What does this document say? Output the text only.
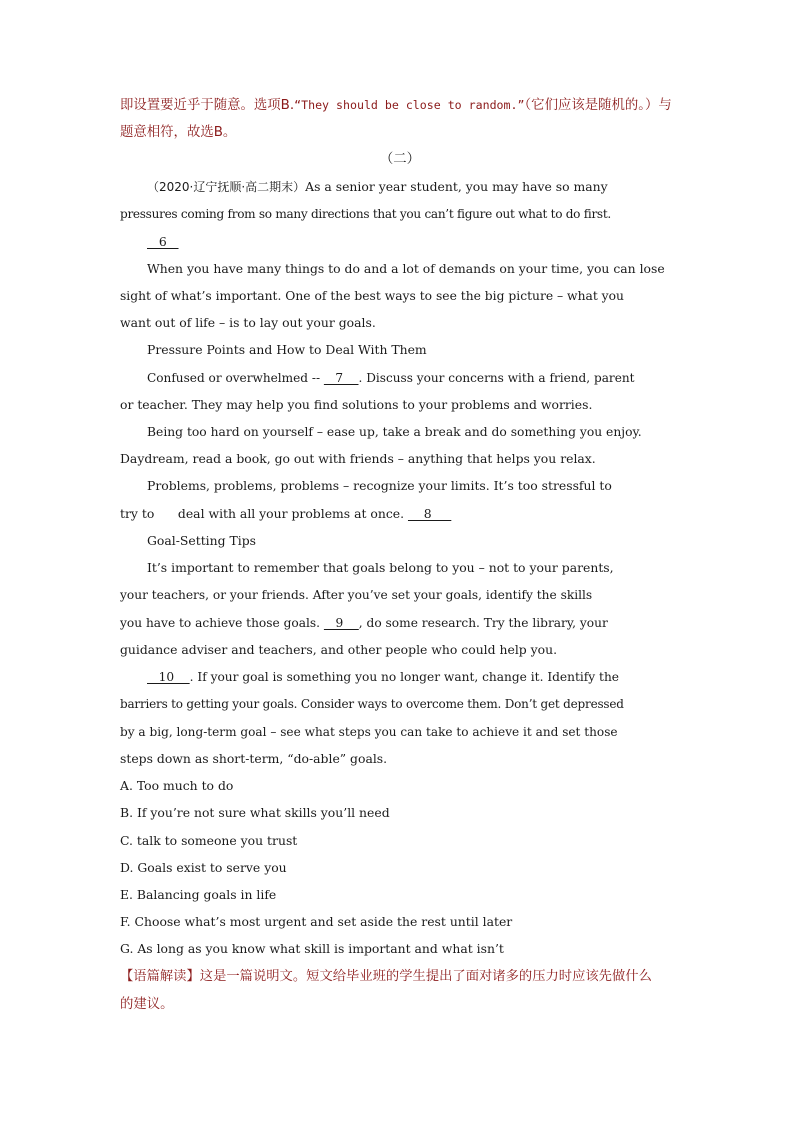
即设置要近乎于随意。选项B.“They should be close to random.”（它们应该是随机的。）与
题意相符，故选B。
（二）
（2020·辽宁抚顺·高二期末）As a senior year student, you may have so many
pressures coming from so many directions that you can’t figure out what to do first.
6
When you have many things to do and a lot of demands on your time, you can lose
sight of what’s important. One of the best ways to see the big picture – what you
want out of life – is to lay out your goals.
Pressure Points and How to Deal With Them
Confused or overwhelmed --    7    . Discuss your concerns with a friend, parent
or teacher. They may help you find solutions to your problems and worries.
Being too hard on yourself – ease up, take a break and do something you enjoy.
Daydream, read a book, go out with friends – anything that helps you relax.
Problems, problems, problems – recognize your limits. It’s too stressful to
try to      deal with all your problems at once.     8
Goal-Setting Tips
It’s important to remember that goals belong to you – not to your parents,
your teachers, or your friends. After you’ve set your goals, identify the skills
you have to achieve those goals.    9    , do some research. Try the library, your
guidance adviser and teachers, and other people who could help you.
10    . If your goal is something you no longer want, change it. Identify the
barriers to getting your goals. Consider ways to overcome them. Don’t get depressed
by a big, long-term goal – see what steps you can take to achieve it and set those
steps down as short-term, “do-able” goals.
A. Too much to do
B. If you’re not sure what skills you’ll need
C. talk to someone you trust
D. Goals exist to serve you
E. Balancing goals in life
F. Choose what’s most urgent and set aside the rest until later
G. As long as you know what skill is important and what isn’t
【语篇解读】这是一篇说明文。短文给毕业班的学生提出了面对诸多的压力时应该先做什么
的建议。
